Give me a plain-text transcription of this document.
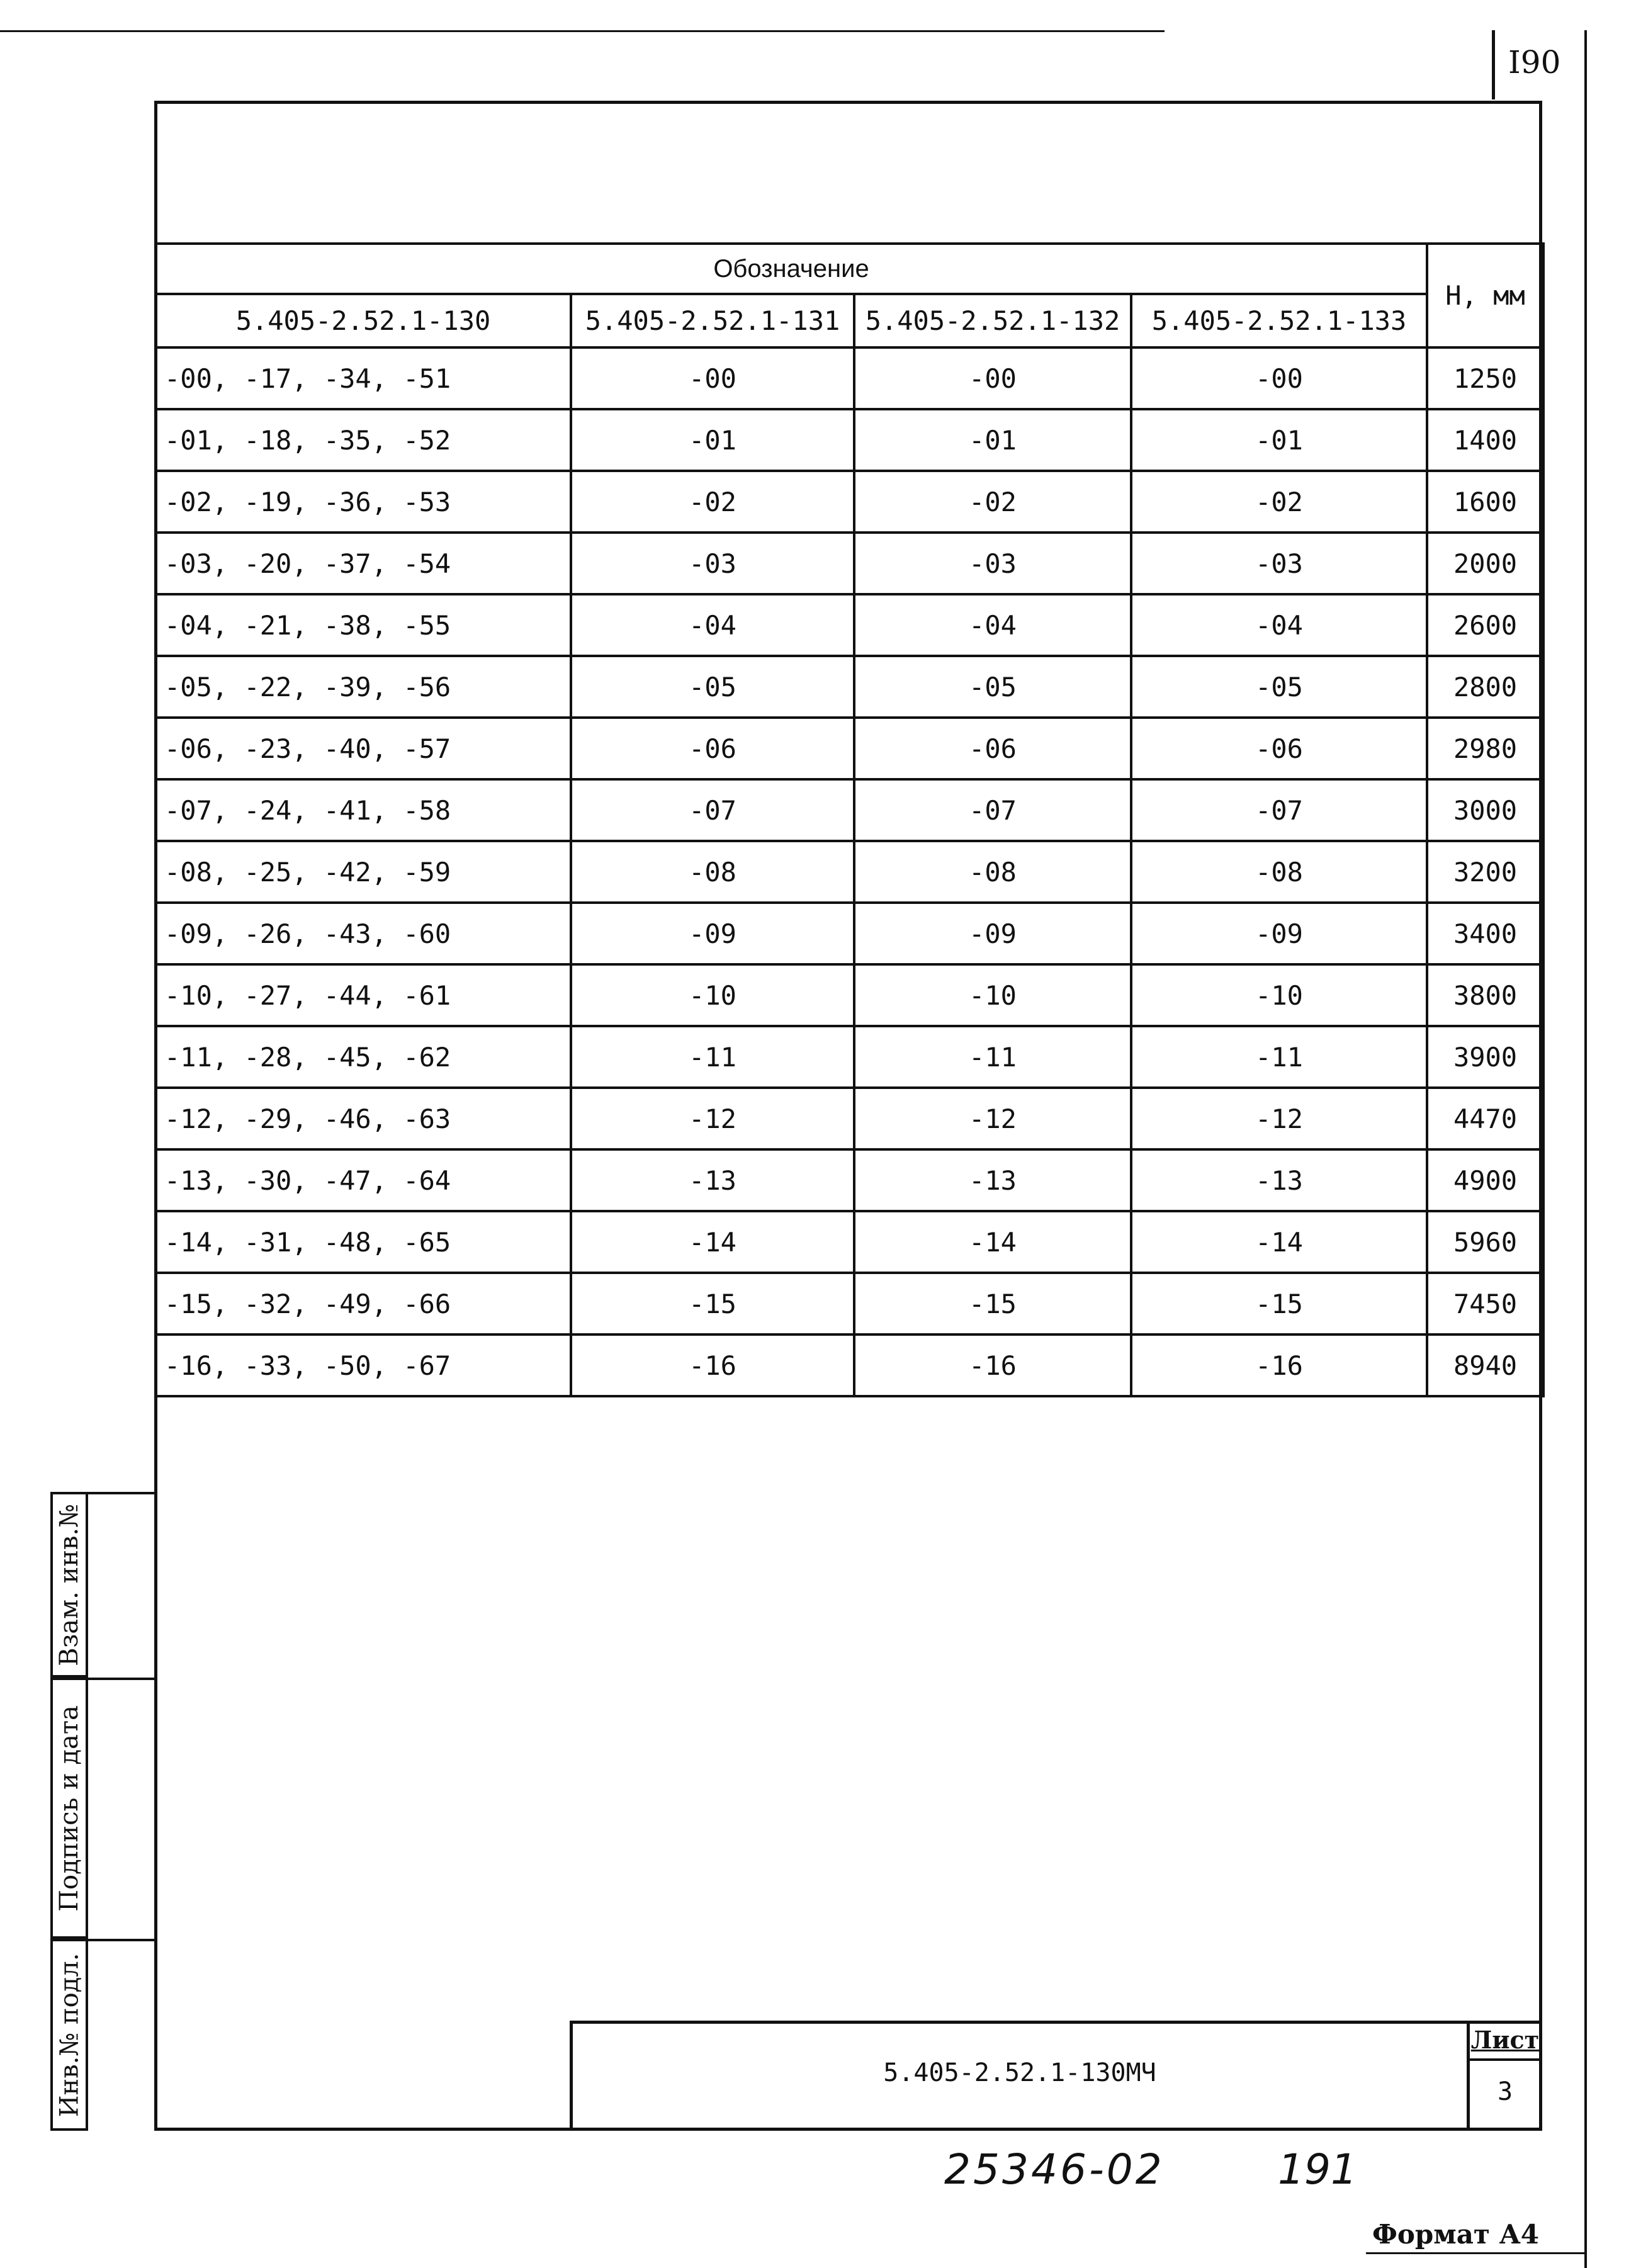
I90
Обозначение				Н, мм
5.405-2.52.1-130	5.405-2.52.1-131	5.405-2.52.1-132	5.405-2.52.1-133	
-00, -17, -34, -51	-00	-00	-00	1250
-01, -18, -35, -52	-01	-01	-01	1400
-02, -19, -36, -53	-02	-02	-02	1600
-03, -20, -37, -54	-03	-03	-03	2000
-04, -21, -38, -55	-04	-04	-04	2600
-05, -22, -39, -56	-05	-05	-05	2800
-06, -23, -40, -57	-06	-06	-06	2980
-07, -24, -41, -58	-07	-07	-07	3000
-08, -25, -42, -59	-08	-08	-08	3200
-09, -26, -43, -60	-09	-09	-09	3400
-10, -27, -44, -61	-10	-10	-10	3800
-11, -28, -45, -62	-11	-11	-11	3900
-12, -29, -46, -63	-12	-12	-12	4470
-13, -30, -47, -64	-13	-13	-13	4900
-14, -31, -48, -65	-14	-14	-14	5960
-15, -32, -49, -66	-15	-15	-15	7450
-16, -33, -50, -67	-16	-16	-16	8940
Взам. инв.№
Подпись и дата
Инв.№ подл.	5.405-2.52.1-130МЧ
Лист
3
25346-02	191
Формат А4
